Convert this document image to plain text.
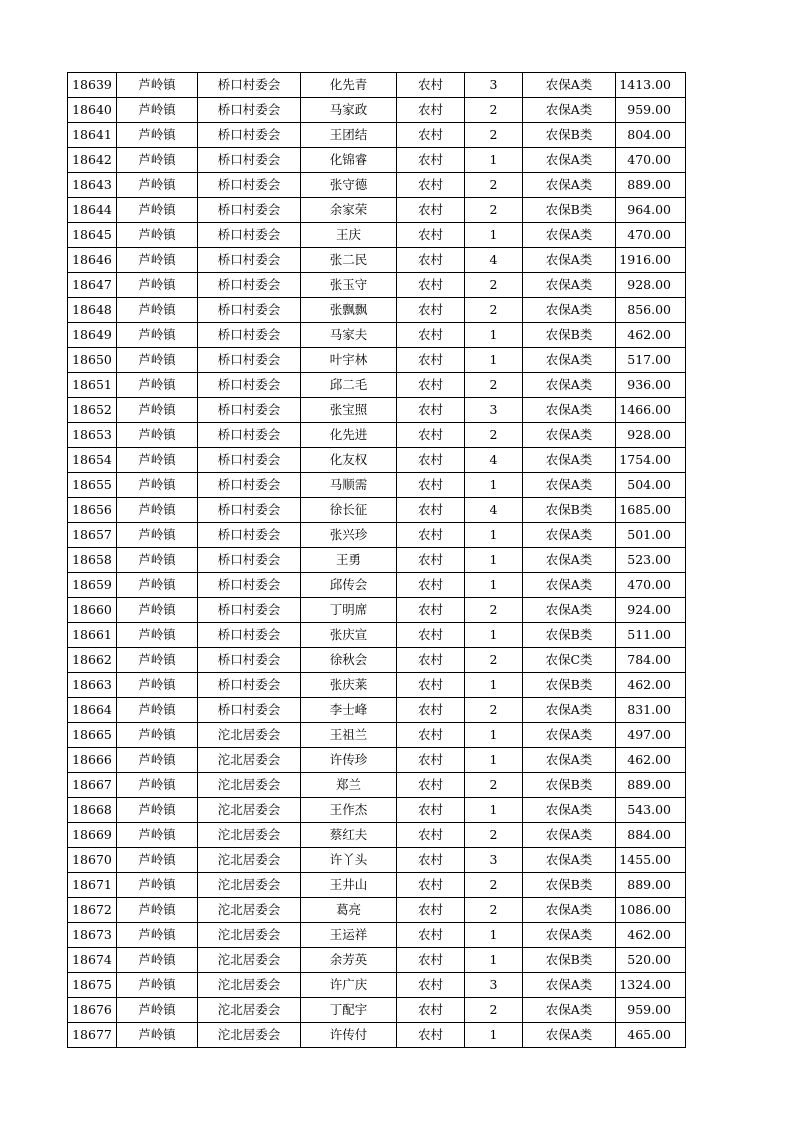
18639	芦岭镇	桥口村委会	化先青	农村	3	农保A类	1413.00
18640	芦岭镇	桥口村委会	马家政	农村	2	农保A类	959.00
18641	芦岭镇	桥口村委会	王团结	农村	2	农保B类	804.00
18642	芦岭镇	桥口村委会	化锦睿	农村	1	农保A类	470.00
18643	芦岭镇	桥口村委会	张守德	农村	2	农保A类	889.00
18644	芦岭镇	桥口村委会	余家荣	农村	2	农保B类	964.00
18645	芦岭镇	桥口村委会	王庆	农村	1	农保A类	470.00
18646	芦岭镇	桥口村委会	张二民	农村	4	农保A类	1916.00
18647	芦岭镇	桥口村委会	张玉守	农村	2	农保A类	928.00
18648	芦岭镇	桥口村委会	张飘飘	农村	2	农保A类	856.00
18649	芦岭镇	桥口村委会	马家夫	农村	1	农保B类	462.00
18650	芦岭镇	桥口村委会	叶宇林	农村	1	农保A类	517.00
18651	芦岭镇	桥口村委会	邱二毛	农村	2	农保A类	936.00
18652	芦岭镇	桥口村委会	张宝照	农村	3	农保A类	1466.00
18653	芦岭镇	桥口村委会	化先进	农村	2	农保A类	928.00
18654	芦岭镇	桥口村委会	化友权	农村	4	农保A类	1754.00
18655	芦岭镇	桥口村委会	马顺需	农村	1	农保A类	504.00
18656	芦岭镇	桥口村委会	徐长征	农村	4	农保B类	1685.00
18657	芦岭镇	桥口村委会	张兴珍	农村	1	农保A类	501.00
18658	芦岭镇	桥口村委会	王勇	农村	1	农保A类	523.00
18659	芦岭镇	桥口村委会	邱传会	农村	1	农保A类	470.00
18660	芦岭镇	桥口村委会	丁明席	农村	2	农保A类	924.00
18661	芦岭镇	桥口村委会	张庆宣	农村	1	农保B类	511.00
18662	芦岭镇	桥口村委会	徐秋会	农村	2	农保C类	784.00
18663	芦岭镇	桥口村委会	张庆莱	农村	1	农保B类	462.00
18664	芦岭镇	桥口村委会	李士峰	农村	2	农保A类	831.00
18665	芦岭镇	沱北居委会	王祖兰	农村	1	农保A类	497.00
18666	芦岭镇	沱北居委会	许传珍	农村	1	农保A类	462.00
18667	芦岭镇	沱北居委会	郑兰	农村	2	农保B类	889.00
18668	芦岭镇	沱北居委会	王作杰	农村	1	农保A类	543.00
18669	芦岭镇	沱北居委会	蔡红夫	农村	2	农保A类	884.00
18670	芦岭镇	沱北居委会	许丫头	农村	3	农保A类	1455.00
18671	芦岭镇	沱北居委会	王井山	农村	2	农保B类	889.00
18672	芦岭镇	沱北居委会	葛亮	农村	2	农保A类	1086.00
18673	芦岭镇	沱北居委会	王运祥	农村	1	农保A类	462.00
18674	芦岭镇	沱北居委会	余芳英	农村	1	农保B类	520.00
18675	芦岭镇	沱北居委会	许广庆	农村	3	农保A类	1324.00
18676	芦岭镇	沱北居委会	丁配宇	农村	2	农保A类	959.00
18677	芦岭镇	沱北居委会	许传付	农村	1	农保A类	465.00
